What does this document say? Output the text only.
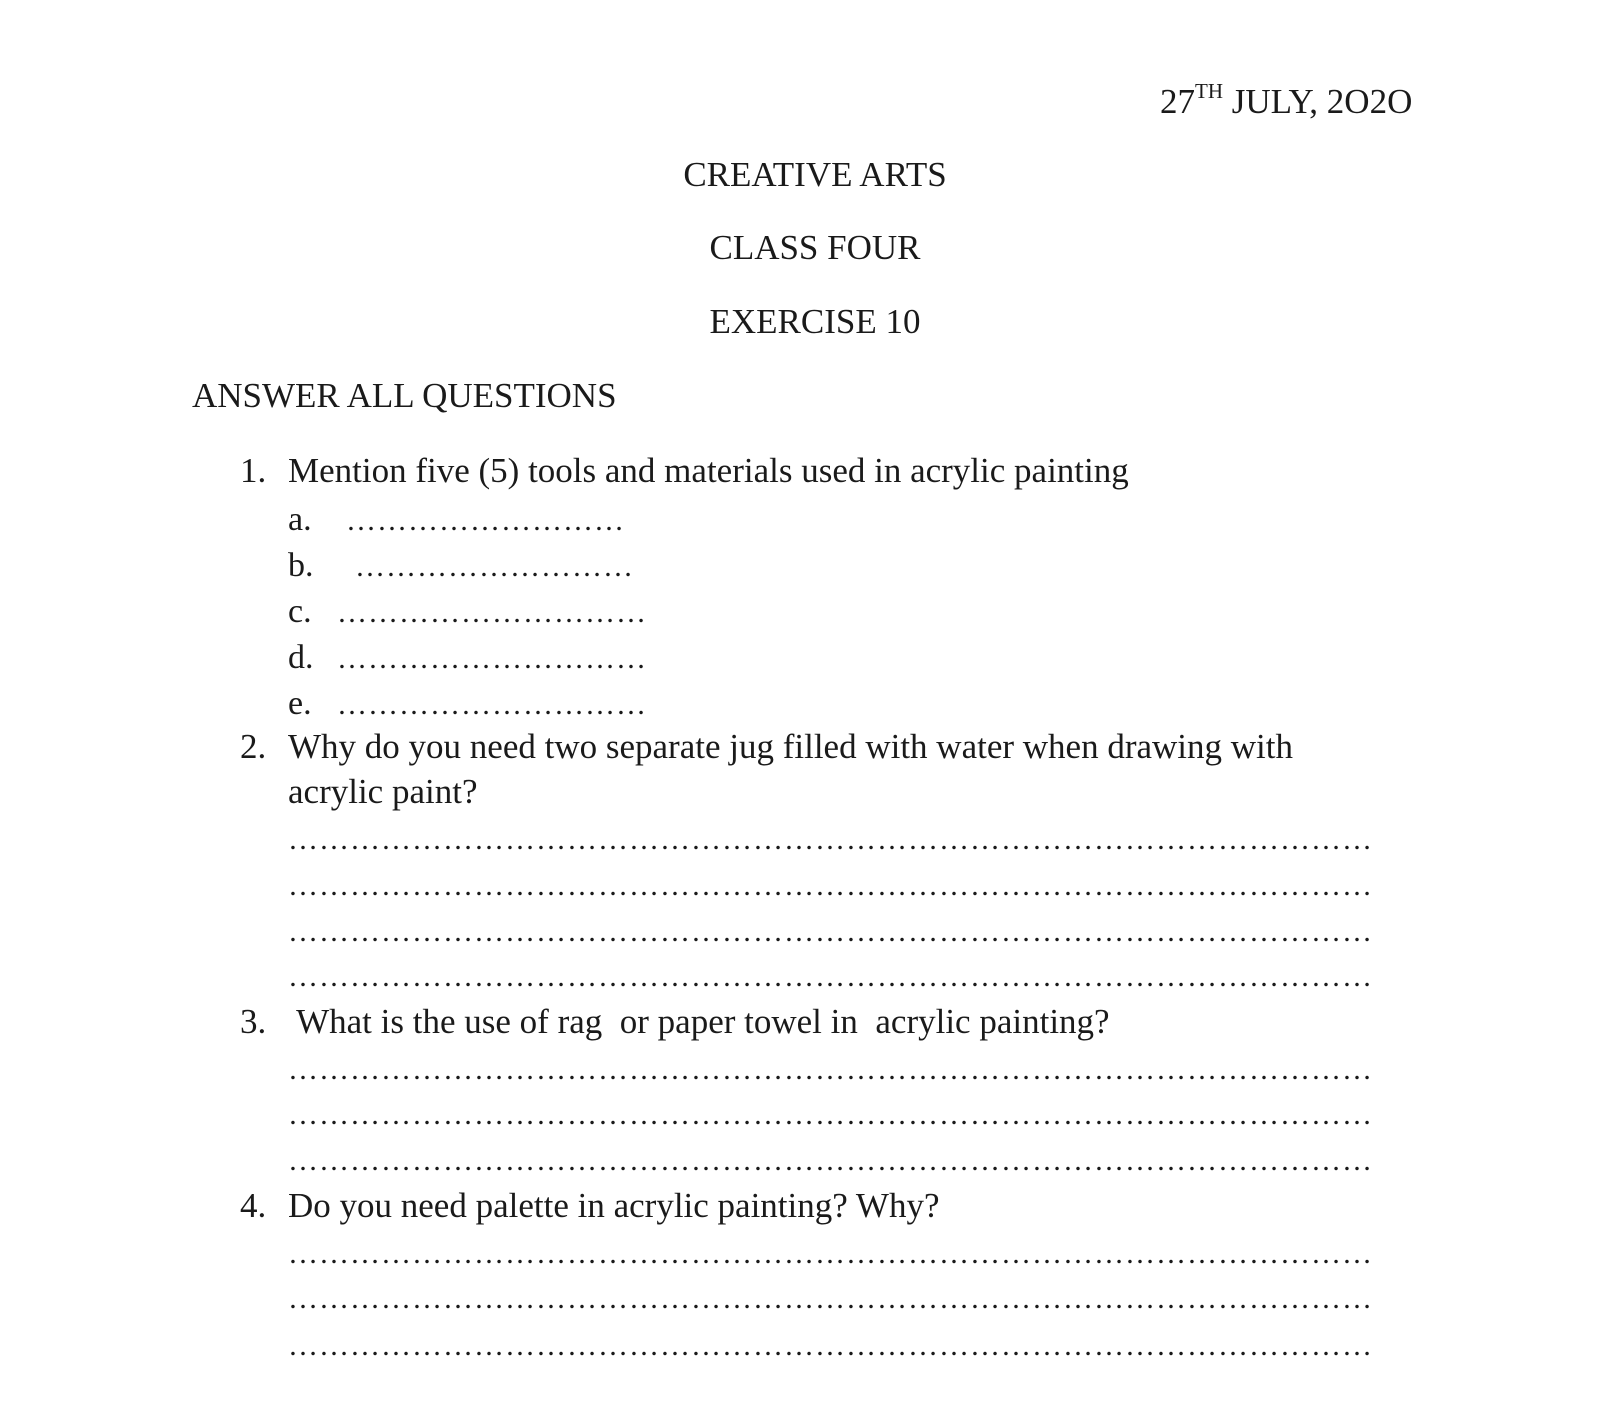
27TH JULY, 2O2O
CREATIVE ARTS
CLASS FOUR
EXERCISE 10
ANSWER ALL QUESTIONS
1. Mention five (5) tools and materials used in acrylic painting
a. ………………………
b. ………………………
c. …………………………
d. …………………………
e. …………………………
2. Why do you need two separate jug filled with water when drawing with
acrylic paint?
……………………………………………………………………………………………
……………………………………………………………………………………………
……………………………………………………………………………………………
……………………………………………………………………………………………
3. What is the use of rag  or paper towel in  acrylic painting?
……………………………………………………………………………………………
……………………………………………………………………………………………
……………………………………………………………………………………………
4. Do you need palette in acrylic painting? Why?
……………………………………………………………………………………………
……………………………………………………………………………………………
……………………………………………………………………………………………
